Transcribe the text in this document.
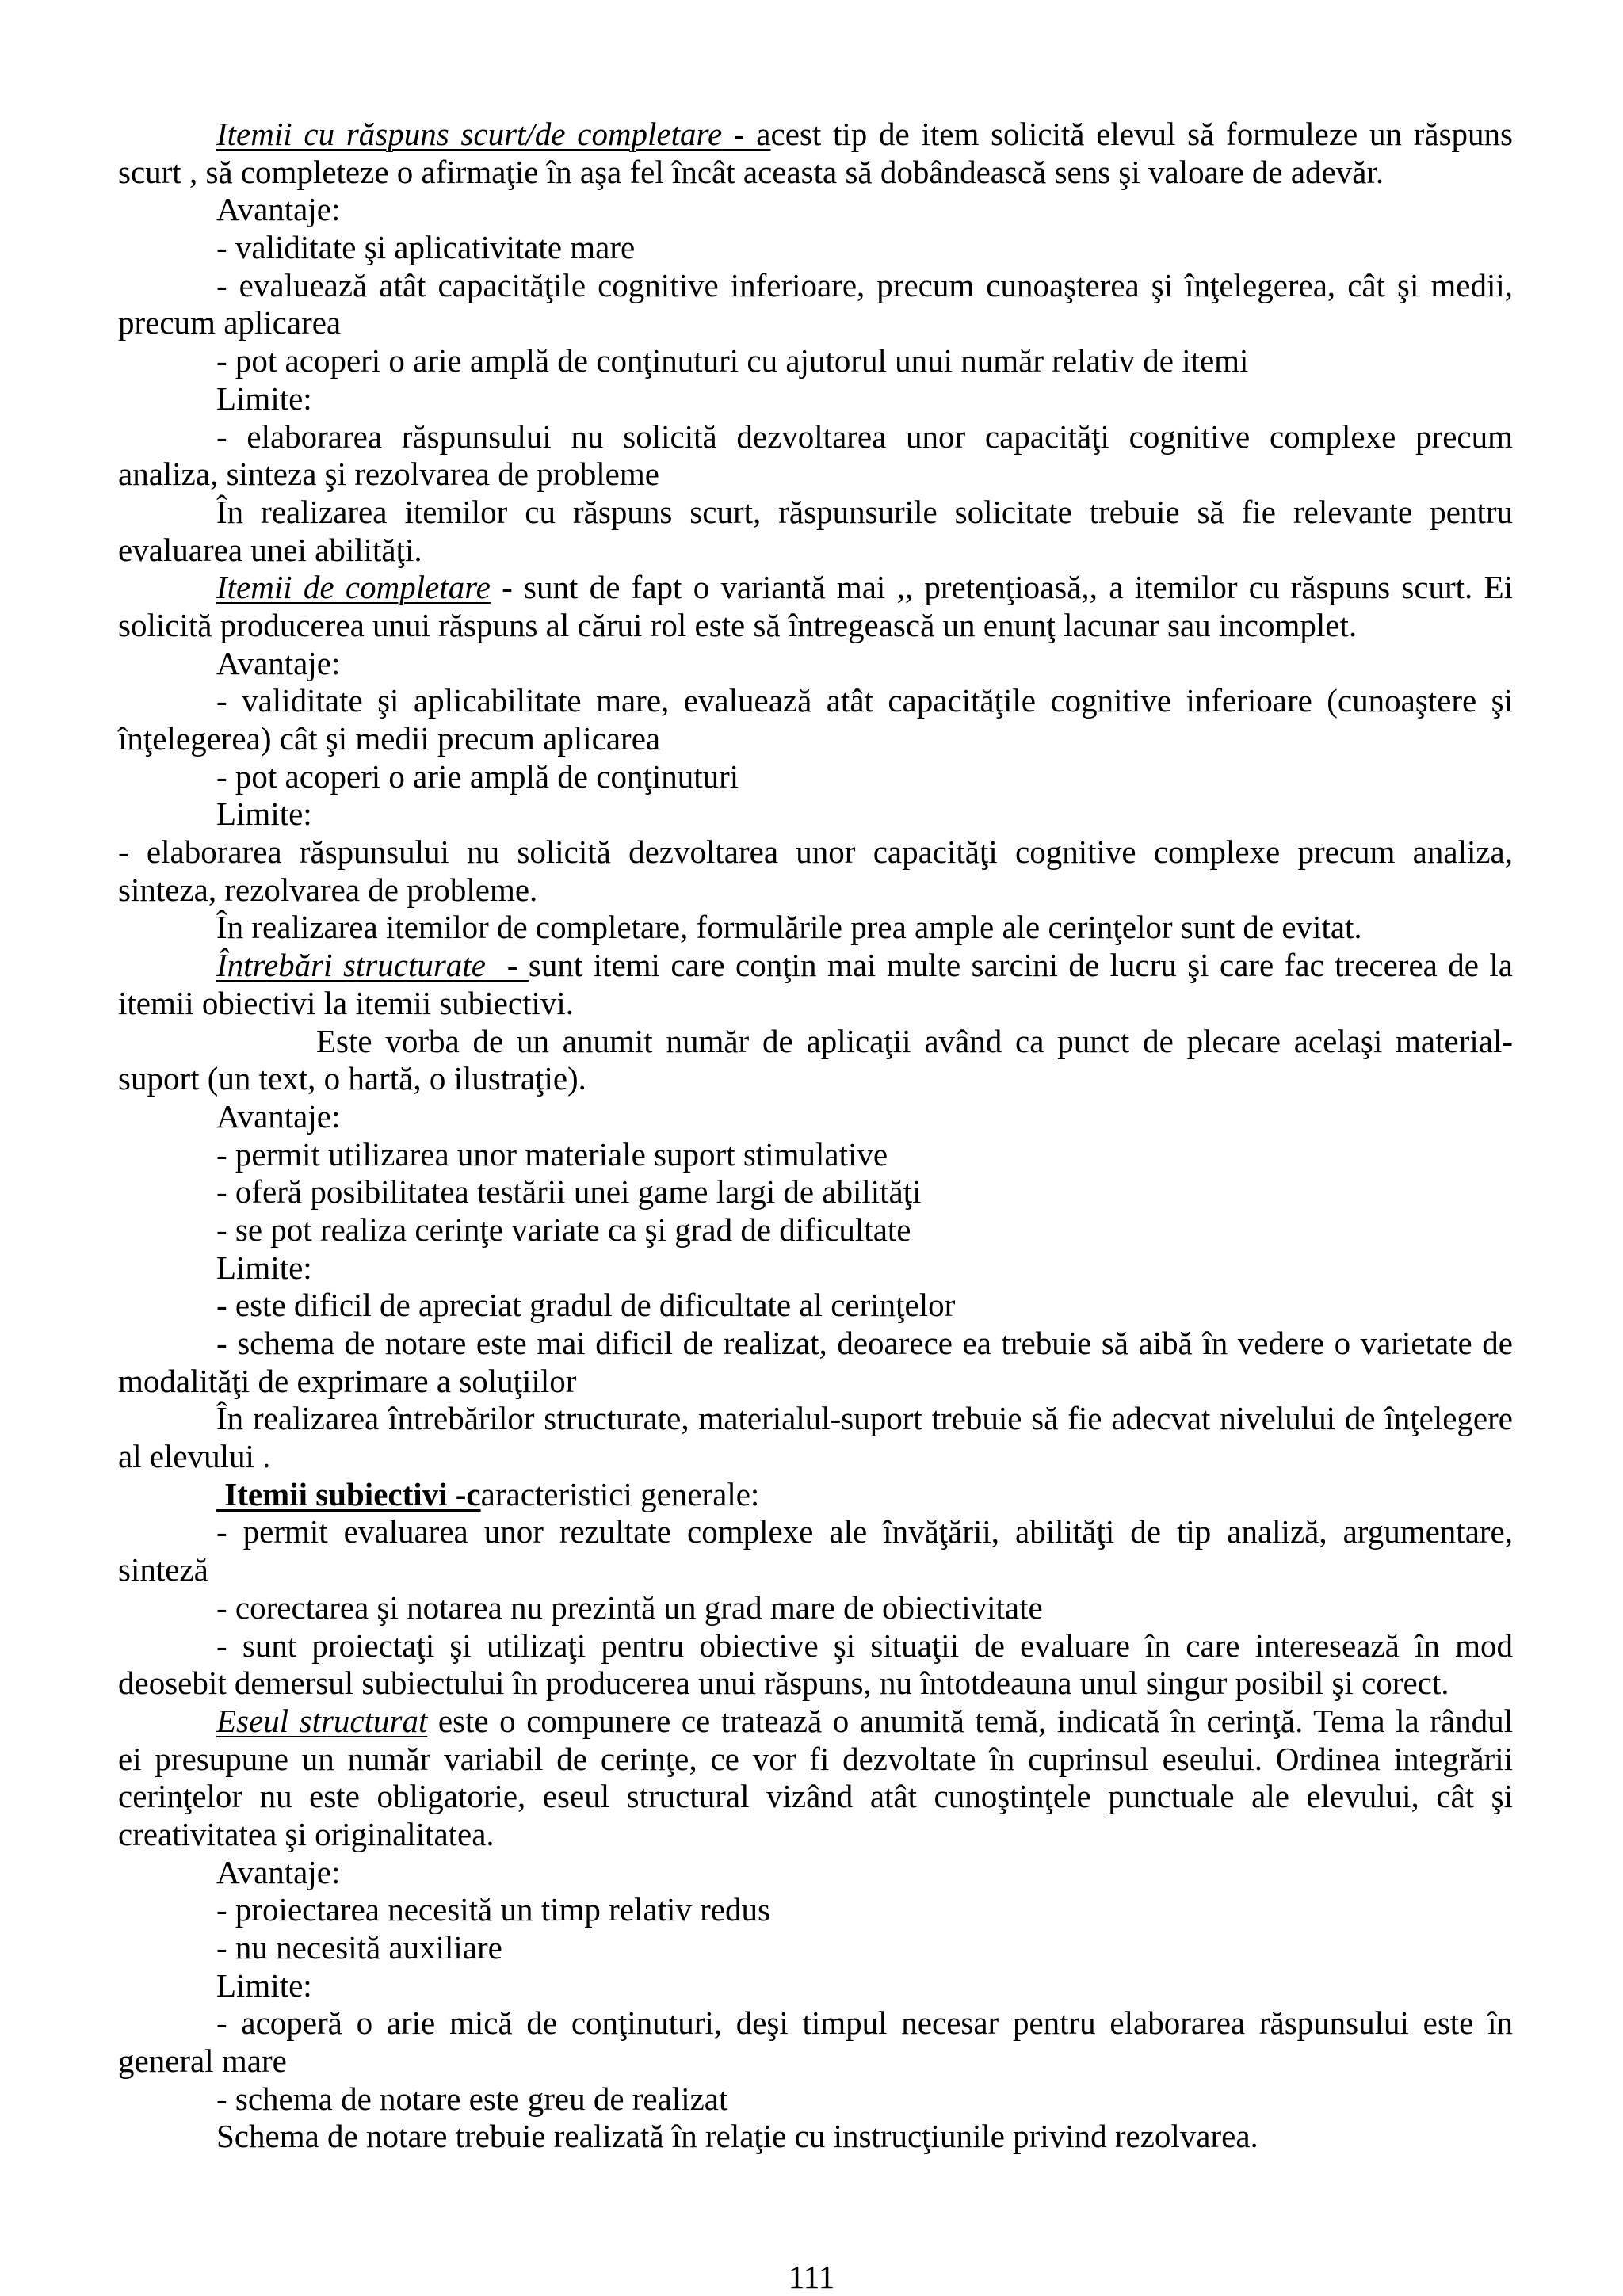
Itemii cu răspuns scurt/de completare - acest tip de item solicită elevul să formuleze un răspuns
scurt , să completeze o afirmaţie în aşa fel încât aceasta să dobândească sens şi valoare de adevăr.
Avantaje:
- validitate şi aplicativitate mare
- evaluează atât capacităţile cognitive inferioare, precum cunoaşterea şi înţelegerea, cât şi medii,
precum aplicarea
- pot acoperi o arie amplă de conţinuturi cu ajutorul unui număr relativ de itemi
Limite:
- elaborarea răspunsului nu solicită dezvoltarea unor capacităţi cognitive complexe precum
analiza, sinteza şi rezolvarea de probleme
În realizarea itemilor cu răspuns scurt, răspunsurile solicitate trebuie să fie relevante pentru
evaluarea unei abilităţi.
Itemii de completare - sunt de fapt o variantă mai ,, pretenţioasă,, a itemilor cu răspuns scurt. Ei
solicită producerea unui răspuns al cărui rol este să întregească un enunţ lacunar sau incomplet.
Avantaje:
- validitate şi aplicabilitate mare, evaluează atât capacităţile cognitive inferioare (cunoaştere şi
înţelegerea) cât şi medii precum aplicarea
- pot acoperi o arie amplă de conţinuturi
Limite:
- elaborarea răspunsului nu solicită dezvoltarea unor capacităţi cognitive complexe precum analiza,
sinteza, rezolvarea de probleme.
În realizarea itemilor de completare, formulările prea ample ale cerinţelor sunt de evitat.
Întrebări structurate  - sunt itemi care conţin mai multe sarcini de lucru şi care fac trecerea de la
itemii obiectivi la itemii subiectivi.
Este vorba de un anumit număr de aplicaţii având ca punct de plecare acelaşi material-
suport (un text, o hartă, o ilustraţie).
Avantaje:
- permit utilizarea unor materiale suport stimulative
- oferă posibilitatea testării unei game largi de abilităţi
- se pot realiza cerinţe variate ca şi grad de dificultate
Limite:
- este dificil de apreciat gradul de dificultate al cerinţelor
- schema de notare este mai dificil de realizat, deoarece ea trebuie să aibă în vedere o varietate de
modalităţi de exprimare a soluţiilor
În realizarea întrebărilor structurate, materialul-suport trebuie să fie adecvat nivelului de înţelegere
al elevului .
Itemii subiectivi -caracteristici generale:
- permit evaluarea unor rezultate complexe ale învăţării, abilităţi de tip analiză, argumentare,
sinteză
- corectarea şi notarea nu prezintă un grad mare de obiectivitate
- sunt proiectaţi şi utilizaţi pentru obiective şi situaţii de evaluare în care interesează în mod
deosebit demersul subiectului în producerea unui răspuns, nu întotdeauna unul singur posibil şi corect.
Eseul structurat este o compunere ce tratează o anumită temă, indicată în cerinţă. Tema la rândul
ei presupune un număr variabil de cerinţe, ce vor fi dezvoltate în cuprinsul eseului. Ordinea integrării
cerinţelor nu este obligatorie, eseul structural vizând atât cunoştinţele punctuale ale elevului, cât şi
creativitatea şi originalitatea.
Avantaje:
- proiectarea necesită un timp relativ redus
- nu necesită auxiliare
Limite:
- acoperă o arie mică de conţinuturi, deşi timpul necesar pentru elaborarea răspunsului este în
general mare
- schema de notare este greu de realizat
Schema de notare trebuie realizată în relaţie cu instrucţiunile privind rezolvarea.
111
